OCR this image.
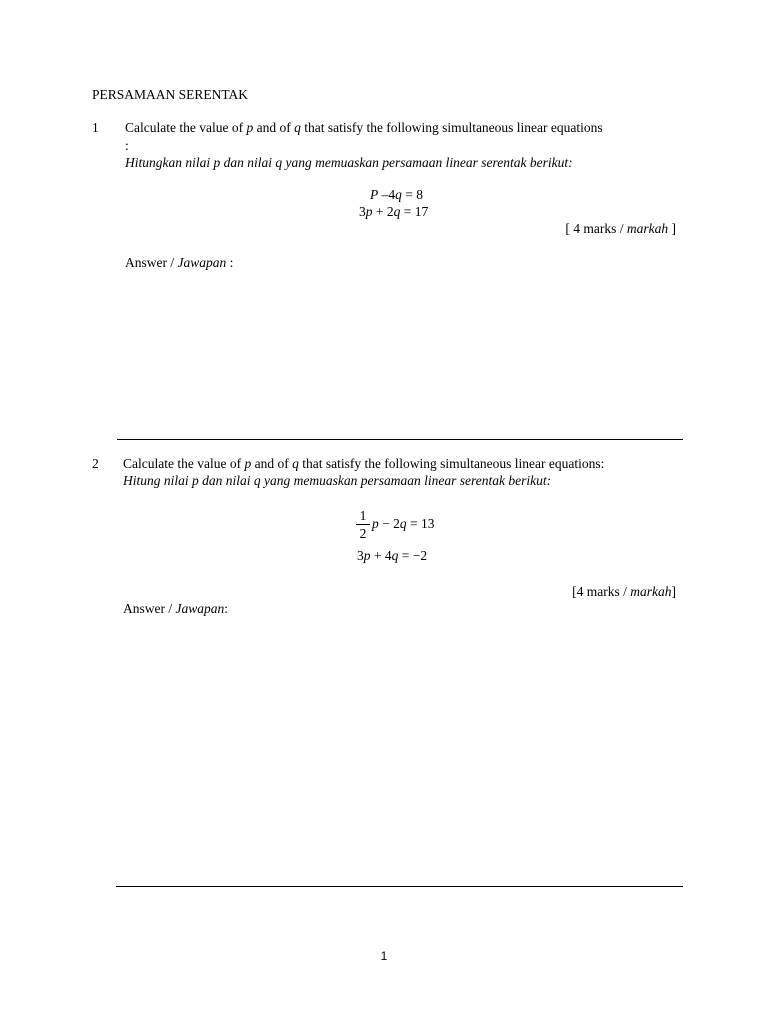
PERSAMAAN SERENTAK
1 Calculate the value of p and of q that satisfy the following simultaneous linear equations
:
Hitungkan nilai p dan nilai q yang memuaskan persamaan linear serentak berikut:
P –4q = 8
3p + 2q = 17
[ 4 marks / markah ]
Answer / Jawapan :
2 Calculate the value of p and of q that satisfy the following simultaneous linear equations:
Hitung nilai p dan nilai q yang memuaskan persamaan linear serentak berikut:
1
2
p − 2q = 13
3p + 4q = −2
[4 marks / markah]
Answer / Jawapan:
1
